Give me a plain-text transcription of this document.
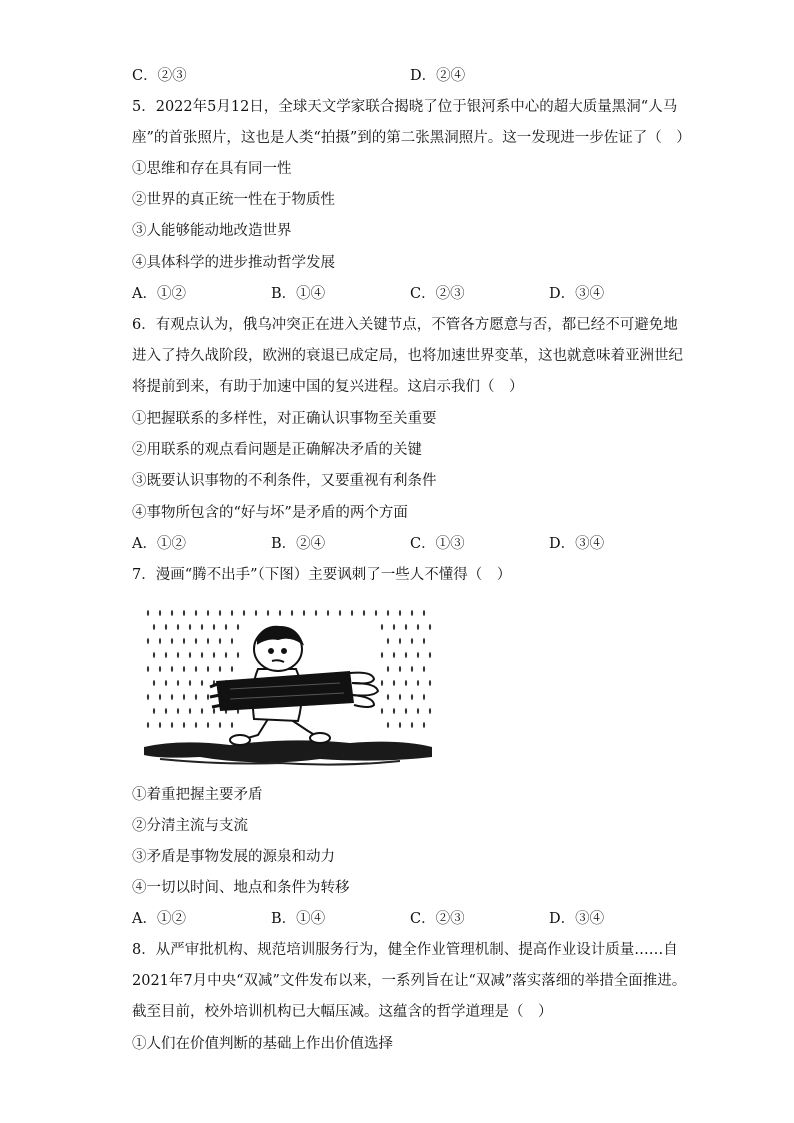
C．②③	D．②④
5．2022年5月12日，全球天文学家联合揭晓了位于银河系中心的超大质量黑洞“人马
座”的首张照片，这也是人类“拍摄”到的第二张黑洞照片。这一发现进一步佐证了（　）
①思维和存在具有同一性
②世界的真正统一性在于物质性
③人能够能动地改造世界
④具体科学的进步推动哲学发展
A．①②	B．①④	C．②③	D．③④
6．有观点认为，俄乌冲突正在进入关键节点，不管各方愿意与否，都已经不可避免地
进入了持久战阶段，欧洲的衰退已成定局，也将加速世界变革，这也就意味着亚洲世纪
将提前到来，有助于加速中国的复兴进程。这启示我们（　）
①把握联系的多样性，对正确认识事物至关重要
②用联系的观点看问题是正确解决矛盾的关键
③既要认识事物的不利条件，又要重视有利条件
④事物所包含的“好与坏”是矛盾的两个方面
A．①②	B．②④	C．①③	D．③④
7．漫画“腾不出手”（下图）主要讽刺了一些人不懂得（　）
①着重把握主要矛盾
②分清主流与支流
③矛盾是事物发展的源泉和动力
④一切以时间、地点和条件为转移
A．①②	B．①④	C．②③	D．③④
8．从严审批机构、规范培训服务行为，健全作业管理机制、提高作业设计质量……自
2021年7月中央“双减”文件发布以来，一系列旨在让“双减”落实落细的举措全面推进。
截至目前，校外培训机构已大幅压减。这蕴含的哲学道理是（　）
①人们在价值判断的基础上作出价值选择
